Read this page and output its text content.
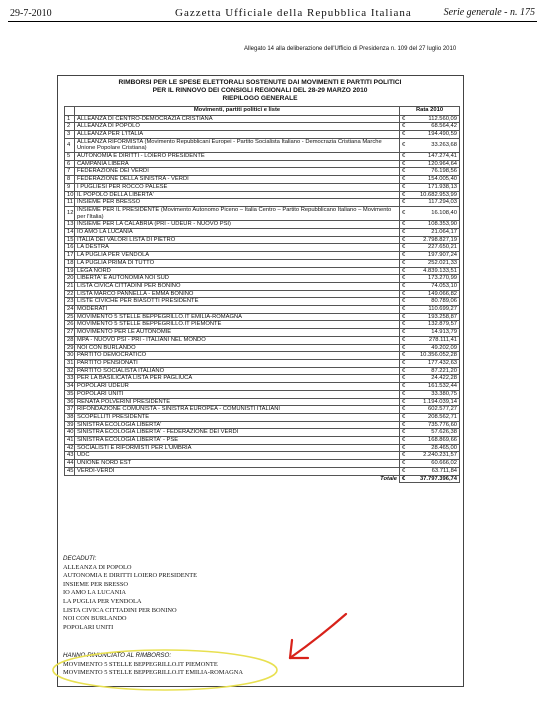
29-7-2010	Gazzetta Ufficiale della Repubblica Italiana	Serie generale - n. 175
Allegato 14 alla deliberazione dell'Ufficio di Presidenza n. 109 del 27 luglio 2010
RIMBORSI PER LE SPESE ELETTORALI SOSTENUTE DAI MOVIMENTI E PARTITI POLITICI
PER IL RINNOVO DEI CONSIGLI REGIONALI DEL 28-29 MARZO 2010
RIEPILOGO GENERALE
	Movimenti, partiti politici e liste	Rata 2010	
1	ALLEANZA DI CENTRO-DEMOCRAZIA CRISTIANA	€	112.560,09
2	ALLEANZA DI POPOLO	€	68.564,42
3	ALLEANZA PER L'ITALIA	€	194.490,59
4	ALLEANZA RIFORMISTA (Movimento Repubblicani Europei - Partito Socialista Italiano - Democrazia Cristiana Marche Unione Popolare Cristiana)	€	33.263,68
5	AUTONOMIA E DIRITTI - LOIERO PRESIDENTE	€	147.274,41
6	CAMPANIA LIBERA	€	120.964,64
7	FEDERAZIONE DEI VERDI	€	76.198,56
8	FEDERAZIONE DELLA SINISTRA - VERDI	€	154.005,40
9	I PUGLIESI PER ROCCO PALESE	€	171.938,13
10	IL POPOLO DELLA LIBERTA'	€	10.682.953,99
11	INSIEME PER BRESSO	€	117.294,03
12	INSIEME PER IL PRESIDENTE (Movimento Autonomo Piceno – Italia Centro – Partito Repubblicano Italiano – Movimento per l'Italia)	€	16.108,40
13	INSIEME PER LA CALABRIA (PRI - UDEUR - NUOVO PSI)	€	108.353,90
14	IO AMO LA LUCANIA	€	21.064,17
15	ITALIA DEI VALORI LISTA DI PIETRO	€	2.798.827,19
16	LA DESTRA	€	227.650,21
17	LA PUGLIA PER VENDOLA	€	197.907,24
18	LA PUGLIA PRIMA DI TUTTO	€	252.021,33
19	LEGA NORD	€	4.839.133,51
20	LIBERTA' E AUTONOMIA NOI SUD	€	173.270,99
21	LISTA CIVICA CITTADINI PER BONINO	€	74.053,10
22	LISTA MARCO PANNELLA - EMMA BONINO	€	149.066,82
23	LISTE CIVICHE PER BIASOTTI PRESIDENTE	€	80.789,06
24	MODERATI	€	110.699,27
25	MOVIMENTO 5 STELLE BEPPEGRILLO.IT EMILIA-ROMAGNA	€	193.258,87
26	MOVIMENTO 5 STELLE BEPPEGRILLO.IT PIEMONTE	€	132.879,57
27	MOVIMENTO PER LE AUTONOMIE	€	14.913,79
28	MPA - NUOVO PSI - PRI - ITALIANI NEL MONDO	€	278.111,41
29	NOI CON BURLANDO	€	49.202,09
30	PARTITO DEMOCRATICO	€	10.356.052,28
31	PARTITO PENSIONATI	€	177.432,63
32	PARTITO SOCIALISTA ITALIANO	€	87.221,20
33	PER LA BASILICATA LISTA PER PAGLIUCA	€	24.422,28
34	POPOLARI UDEUR	€	161.532,44
35	POPOLARI UNITI	€	33.380,75
36	RENATA POLVERINI PRESIDENTE	€	1.194.039,14
37	RIFONDAZIONE COMUNISTA - SINISTRA EUROPEA - COMUNISTI ITALIANI	€	602.577,27
38	SCOPELLITI PRESIDENTE	€	208.562,71
39	SINISTRA ECOLOGIA LIBERTA'	€	735.776,60
40	SINISTRA ECOLOGIA LIBERTA' - FEDERAZIONE DEI VERDI	€	57.626,38
41	SINISTRA ECOLOGIA LIBERTA' - PSE	€	168.869,66
42	SOCIALISTI E RIFORMISTI PER L'UMBRIA	€	28.465,00
43	UDC	€	2.240.231,57
44	UNIONE NORD EST	€	60.666,02
45	VERDI-VERDI	€	63.711,84
Totale		€	37.797.396,74
DECADUTI:
ALLEANZA DI POPOLO
AUTONOMIA E DIRITTI LOIERO PRESIDENTE
INSIEME PER BRESSO
IO AMO LA LUCANIA
LA PUGLIA PER VENDOLA
LISTA CIVICA CITTADINI PER BONINO
NOI CON BURLANDO
POPOLARI UNITI
HANNO RINUNCIATO AL RIMBORSO:
MOVIMENTO 5 STELLE BEPPEGRILLO.IT PIEMONTE
MOVIMENTO 5 STELLE BEPPEGRILLO.IT EMILIA-ROMAGNA
